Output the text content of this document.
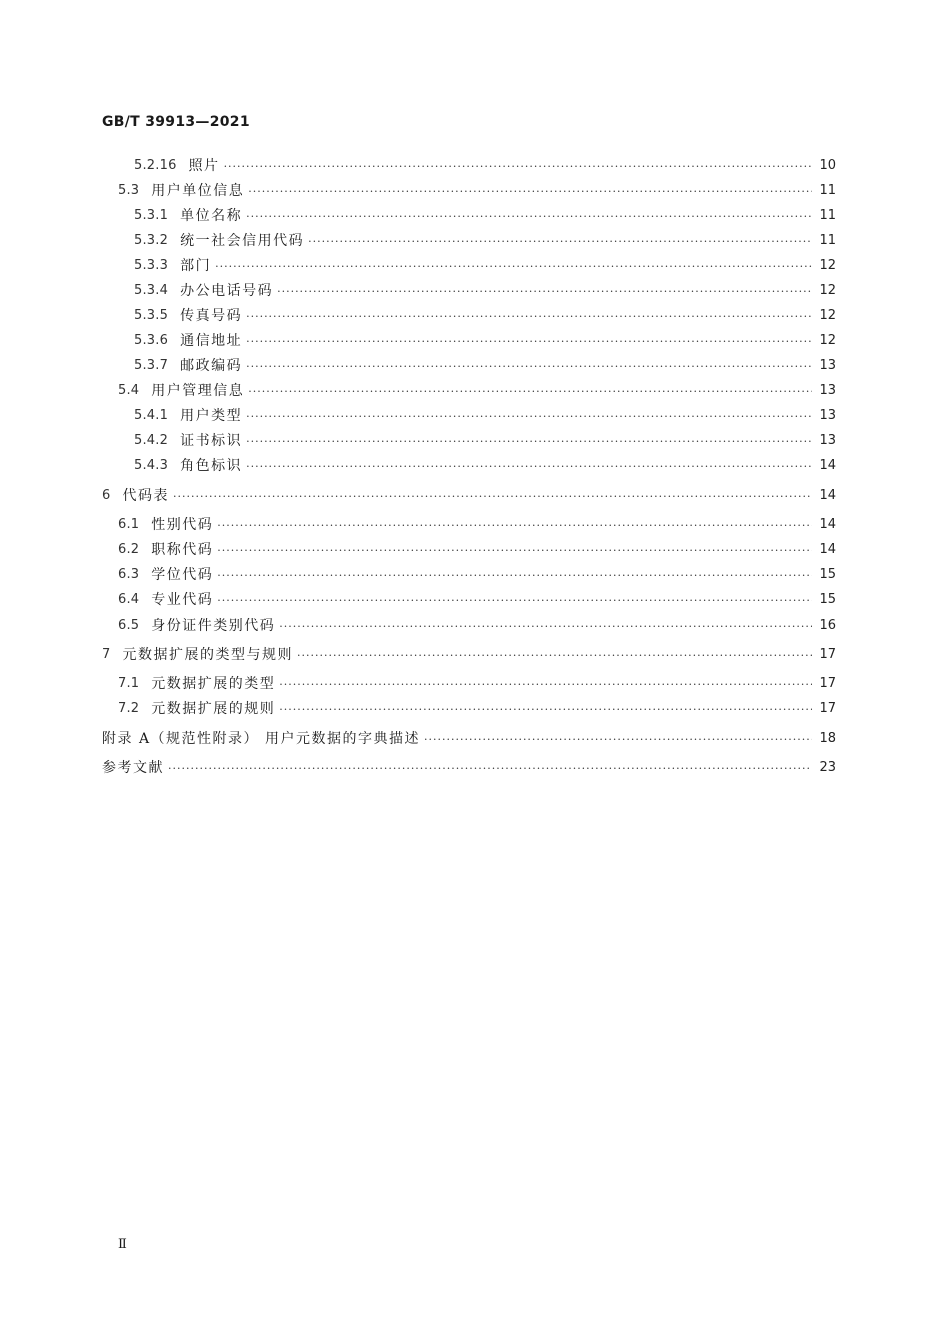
GB/T 39913—2021
5.2.16 照片 ·····	10
5.3 用户单位信息 ·····	11
5.3.1 单位名称 ·····	11
5.3.2 统一社会信用代码 ·····	11
5.3.3 部门 ·····	12
5.3.4 办公电话号码 ·····	12
5.3.5 传真号码 ·····	12
5.3.6 通信地址 ·····	12
5.3.7 邮政编码 ·····	13
5.4 用户管理信息 ·····	13
5.4.1 用户类型 ·····	13
5.4.2 证书标识 ·····	13
5.4.3 角色标识 ·····	14
6 代码表 ·····	14
6.1 性别代码 ·····	14
6.2 职称代码 ·····	14
6.3 学位代码 ·····	15
6.4 专业代码 ·····	15
6.5 身份证件类别代码 ·····	16
7 元数据扩展的类型与规则 ·····	17
7.1 元数据扩展的类型 ·····	17
7.2 元数据扩展的规则 ·····	17
附录 A（规范性附录） 用户元数据的字典描述 ·····	18
参考文献 ·····	23
Ⅱ
